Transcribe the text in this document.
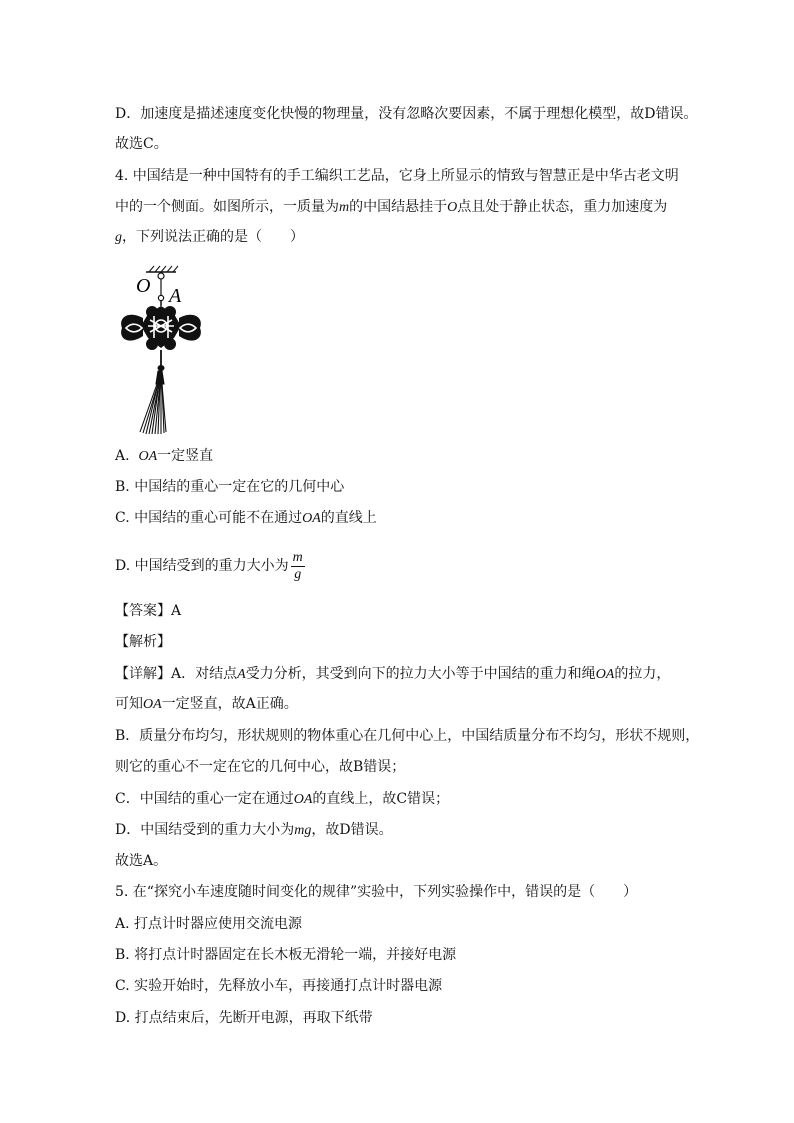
D．加速度是描述速度变化快慢的物理量，没有忽略次要因素，不属于理想化模型，故D错误。
故选C。
4. 中国结是一种中国特有的手工编织工艺品，它身上所显示的情致与智慧正是中华古老文明
中的一个侧面。如图所示，一质量为m的中国结悬挂于O点且处于静止状态，重力加速度为
g，下列说法正确的是（　　）
O A
A. OA一定竖直
B. 中国结的重心一定在它的几何中心
C. 中国结的重心可能不在通过OA的直线上
D. 中国结受到的重力大小为 $\frac{m}{g}$
【答案】A
【解析】
【详解】A．对结点A受力分析，其受到向下的拉力大小等于中国结的重力和绳OA的拉力，
可知OA一定竖直，故A正确。
B．质量分布均匀，形状规则的物体重心在几何中心上，中国结质量分布不均匀，形状不规则，
则它的重心不一定在它的几何中心，故B错误；
C．中国结的重心一定在通过OA的直线上，故C错误；
D．中国结受到的重力大小为mg，故D错误。
故选A。
5. 在“探究小车速度随时间变化的规律”实验中，下列实验操作中，错误的是（　　）
A. 打点计时器应使用交流电源
B. 将打点计时器固定在长木板无滑轮一端，并接好电源
C. 实验开始时，先释放小车，再接通打点计时器电源
D. 打点结束后，先断开电源，再取下纸带
